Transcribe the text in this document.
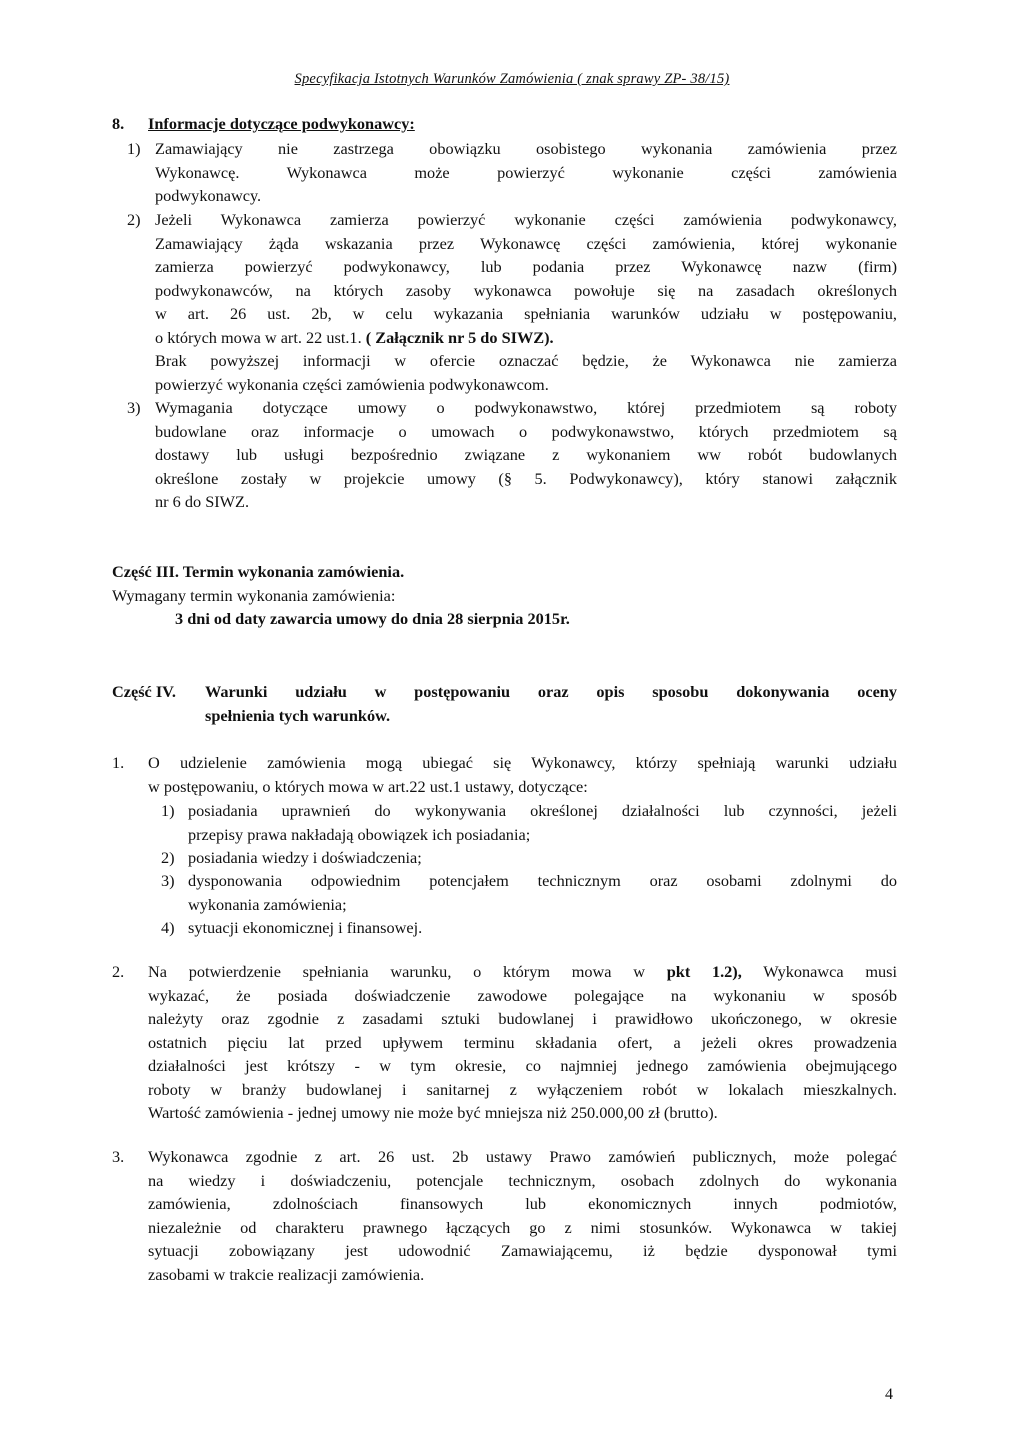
Specyfikacja Istotnych Warunków Zamówienia ( znak sprawy ZP- 38/15)
8. Informacje dotyczące podwykonawcy:
1) Zamawiający nie zastrzega obowiązku osobistego wykonania zamówienia przez
Wykonawcę. Wykonawca może powierzyć wykonanie części zamówienia
podwykonawcy.
2) Jeżeli Wykonawca zamierza powierzyć wykonanie części zamówienia podwykonawcy,
Zamawiający żąda wskazania przez Wykonawcę części zamówienia, której wykonanie
zamierza powierzyć podwykonawcy, lub podania przez Wykonawcę nazw (firm)
podwykonawców, na których zasoby wykonawca powołuje się na zasadach określonych
w art. 26 ust. 2b, w celu wykazania spełniania warunków udziału w postępowaniu,
o których mowa w art. 22 ust.1. ( Załącznik nr 5 do SIWZ).
Brak powyższej informacji w ofercie oznaczać będzie, że Wykonawca nie zamierza
powierzyć wykonania części zamówienia podwykonawcom.
3) Wymagania dotyczące umowy o podwykonawstwo, której przedmiotem są roboty
budowlane oraz informacje o umowach o podwykonawstwo, których przedmiotem są
dostawy lub usługi bezpośrednio związane z wykonaniem ww robót budowlanych
określone zostały w projekcie umowy (§ 5. Podwykonawcy), który stanowi załącznik
nr 6 do SIWZ.
Część III. Termin wykonania zamówienia.
Wymagany termin wykonania zamówienia:
3 dni od daty zawarcia umowy do dnia 28 sierpnia 2015r.
Część IV. Warunki udziału w postępowaniu oraz opis sposobu dokonywania oceny
spełnienia tych warunków.
1. O udzielenie zamówienia mogą ubiegać się Wykonawcy, którzy spełniają warunki udziału
w postępowaniu, o których mowa w art.22 ust.1 ustawy, dotyczące:
1) posiadania uprawnień do wykonywania określonej działalności lub czynności, jeżeli
przepisy prawa nakładają obowiązek ich posiadania;
2) posiadania wiedzy i doświadczenia;
3) dysponowania odpowiednim potencjałem technicznym oraz osobami zdolnymi do
wykonania zamówienia;
4) sytuacji ekonomicznej i finansowej.
2. Na potwierdzenie spełniania warunku, o którym mowa w pkt 1.2), Wykonawca musi
wykazać, że posiada doświadczenie zawodowe polegające na wykonaniu w sposób
należyty oraz zgodnie z zasadami sztuki budowlanej i prawidłowo ukończonego, w okresie
ostatnich pięciu lat przed upływem terminu składania ofert, a jeżeli okres prowadzenia
działalności jest krótszy - w tym okresie, co najmniej jednego zamówienia obejmującego
roboty w branży budowlanej i sanitarnej z wyłączeniem robót w lokalach mieszkalnych.
Wartość zamówienia - jednej umowy nie może być mniejsza niż 250.000,00 zł (brutto).
3. Wykonawca zgodnie z art. 26 ust. 2b ustawy Prawo zamówień publicznych, może polegać
na wiedzy i doświadczeniu, potencjale technicznym, osobach zdolnych do wykonania
zamówienia, zdolnościach finansowych lub ekonomicznych innych podmiotów,
niezależnie od charakteru prawnego łączących go z nimi stosunków. Wykonawca w takiej
sytuacji zobowiązany jest udowodnić Zamawiającemu, iż będzie dysponował tymi
zasobami w trakcie realizacji zamówienia.
4
